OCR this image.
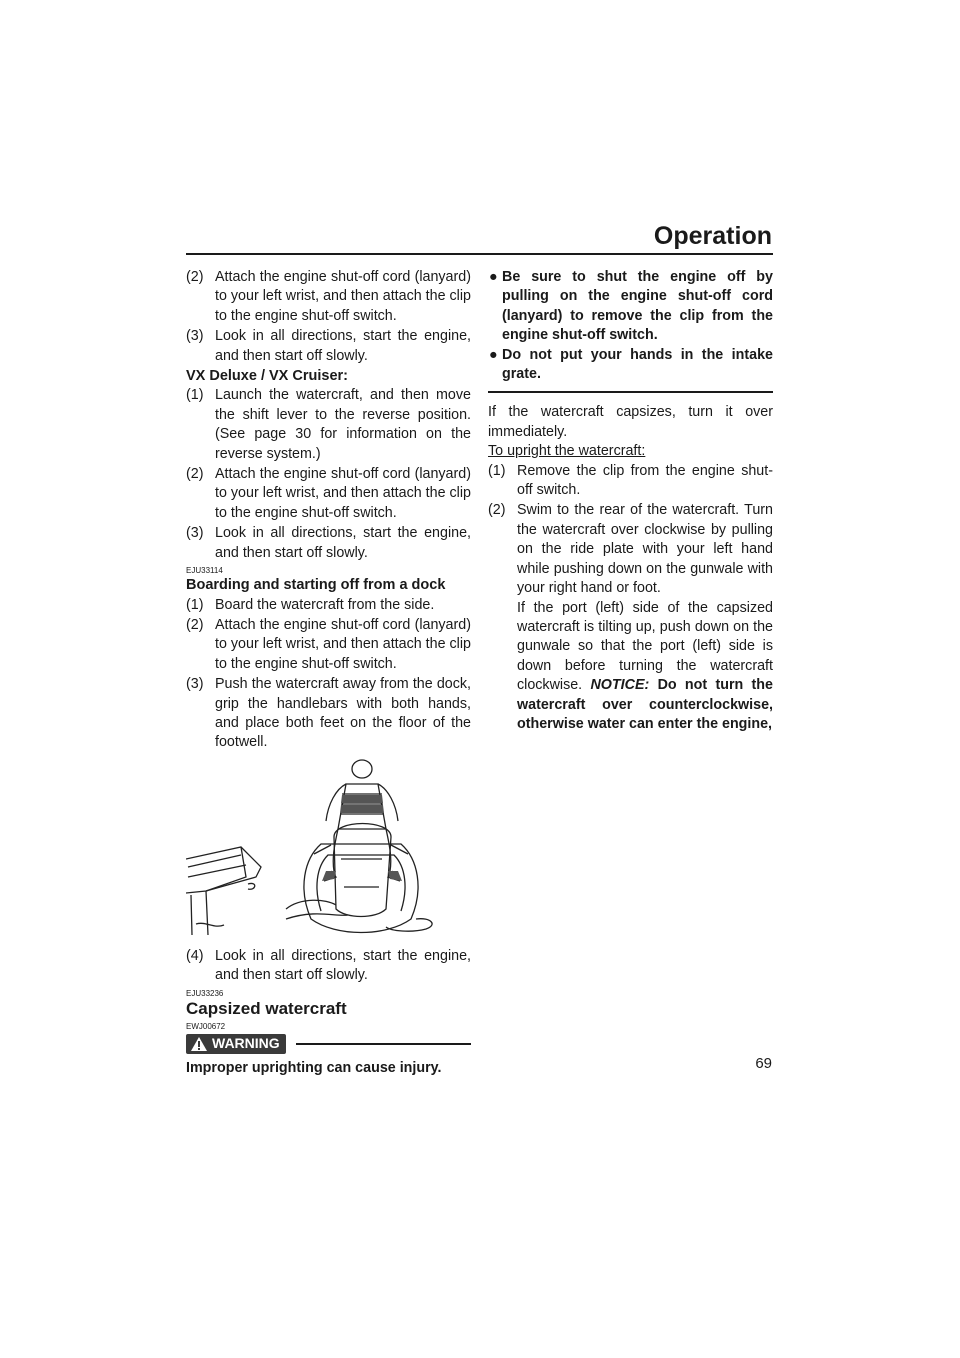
Operation
(2) Attach the engine shut-off cord (lanyard) to your left wrist, and then attach the clip to the engine shut-off switch.
(3) Look in all directions, start the engine, and then start off slowly.
VX Deluxe / VX Cruiser:
(1) Launch the watercraft, and then move the shift lever to the reverse position. (See page 30 for information on the reverse system.)
(2) Attach the engine shut-off cord (lanyard) to your left wrist, and then attach the clip to the engine shut-off switch.
(3) Look in all directions, start the engine, and then start off slowly.
EJU33114
Boarding and starting off from a dock
(1) Board the watercraft from the side.
(2) Attach the engine shut-off cord (lanyard) to your left wrist, and then attach the clip to the engine shut-off switch.
(3) Push the watercraft away from the dock, grip the handlebars with both hands, and place both feet on the floor of the footwell.
(4) Look in all directions, start the engine, and then start off slowly.
EJU33236
Capsized watercraft
EWJ00672
WARNING
Improper uprighting can cause injury.
● Be sure to shut the engine off by pulling on the engine shut-off cord (lanyard) to remove the clip from the engine shut-off switch.
● Do not put your hands in the intake grate.
If the watercraft capsizes, turn it over immediately.
To upright the watercraft:
(1) Remove the clip from the engine shut-off switch.
(2) Swim to the rear of the watercraft. Turn the watercraft over clockwise by pulling on the ride plate with your left hand while pushing down on the gunwale with your right hand or foot.
If the port (left) side of the capsized watercraft is tilting up, push down on the gunwale so that the port (left) side is down before turning the watercraft clockwise. NOTICE: Do not turn the watercraft over counterclockwise, otherwise water can enter the engine,
69
